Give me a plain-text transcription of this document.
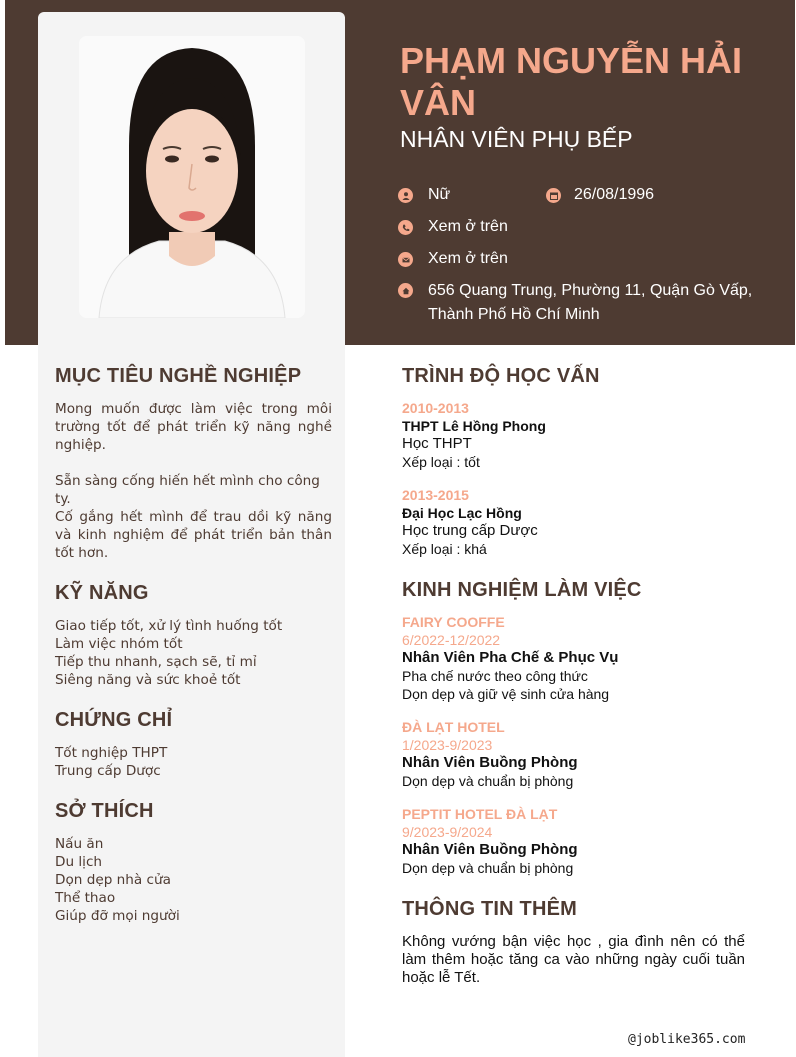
PHẠM NGUYỄN HẢI
VÂN
NHÂN VIÊN PHỤ BẾP
Nữ	26/08/1996
Xem ở trên
Xem ở trên
656 Quang Trung, Phường 11, Quận Gò Vấp,
Thành Phố Hồ Chí Minh
MỤC TIÊU NGHỀ NGHIỆP
Mong muốn được làm việc trong môi trường tốt để phát triển kỹ năng nghề nghiệp.
Sẵn sàng cống hiến hết mình cho công ty.
Cố gắng hết mình để trau dồi kỹ năng và kinh nghiệm để phát triển bản thân tốt hơn.
KỸ NĂNG
Giao tiếp tốt, xử lý tình huống tốt
Làm việc nhóm tốt
Tiếp thu nhanh, sạch sẽ, tỉ mỉ
Siêng năng và sức khoẻ tốt
CHỨNG CHỈ
Tốt nghiệp THPT
Trung cấp Dược
SỞ THÍCH
Nấu ăn
Du lịch
Dọn dẹp nhà cửa
Thể thao
Giúp đỡ mọi người
TRÌNH ĐỘ HỌC VẤN
2010-2013
THPT Lê Hồng Phong
Học THPT
Xếp loại : tốt
2013-2015
Đại Học Lạc Hồng
Học trung cấp Dược
Xếp loại : khá
KINH NGHIỆM LÀM VIỆC
FAIRY COOFFE
6/2022-12/2022
Nhân Viên Pha Chế & Phục Vụ
Pha chế nước theo công thức
Dọn dẹp và giữ vệ sinh cửa hàng
ĐÀ LẠT HOTEL
1/2023-9/2023
Nhân Viên Buồng Phòng
Dọn dẹp và chuẩn bị phòng
PEPTIT HOTEL ĐÀ LẠT
9/2023-9/2024
Nhân Viên Buồng Phòng
Dọn dẹp và chuẩn bị phòng
THÔNG TIN THÊM
Không vướng bận việc học , gia đình nên có thể làm thêm hoặc tăng ca vào những ngày cuối tuần hoặc lễ Tết.
@joblike365.com
